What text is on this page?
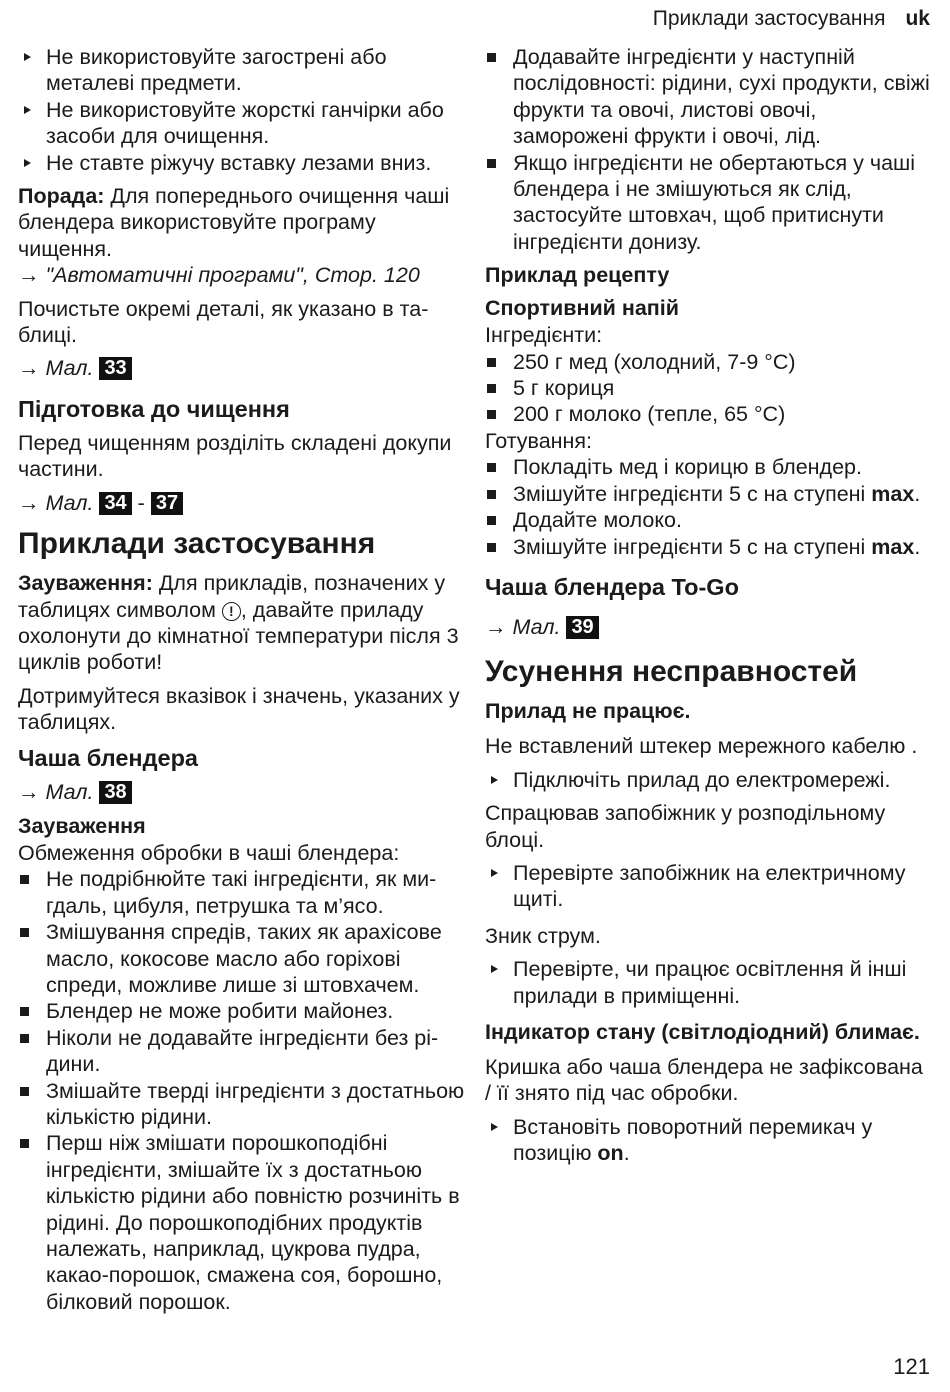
Приклади застосування uk
Не використовуйте загострені або металеві предмети.
Не використовуйте жорсткі ганчірки або засоби для очищення.
Не ставте ріжучу вставку лезами вниз.

Порада: Для попереднього очищення чаші блендера використовуйте програму чищення.

→ "Автоматичні програми", Стор. 120

Почистьте окремі деталі, як указано в таблиці.

→ Мал. 33

Підготовка до чищення

Перед чищенням розділіть складені докупи частини.

→ Мал. 34 - 37

Приклади застосування

Зауваження: Для прикладів, позначених у таблицях символом ! , давайте приладу охолонути до кімнатної температури після 3 циклів роботи!

Дотримуйтеся вказівок і значень, указаних у таблицях.

Чаша блендера

→ Мал. 38

Зауваження

Обмеження обробки в чаші блендера:

Не подрібнюйте такі інгредієнти, як мигдаль, цибуля, петрушка та м’ясо.
Змішування спредів, таких як арахісове масло, кокосове масло або горіхові спреди, можливе лише зі штовхачем.
Блендер не може робити майонез.
Ніколи не додавайте інгредієнти без рідини.
Змішайте тверді інгредієнти з достатньою кількістю рідини.
Перш ніж змішати порошкоподібні інгредієнти, змішайте їх з достатньою кількістю рідини або повністю розчиніть в рідині. До порошкоподібних продуктів належать, наприклад, цукрова пудра, какао-порошок, смажена соя, борошно, білковий порошок.
Додавайте інгредієнти у наступній послідовності: рідини, сухі продукти, свіжі фрукти та овочі, листові овочі, заморожені фрукти і овочі, лід.
Якщо інгредієнти не обертаються у чаші блендера і не змішуються як слід, застосуйте штовхач, щоб притиснути інгредієнти донизу.
Приклад рецепту
Спортивний напій

Інгредієнти:

250 г мед (холодний, 7-9 °C)
5 г кориця
200 г молоко (тепле, 65 °C)

Готування:

Покладіть мед і корицю в блендер.
Змішуйте інгредієнти 5 с на ступені max.
Додайте молоко.
Змішуйте інгредієнти 5 с на ступені max.
Чаша блендера To-Go

→ Мал. 39

Усунення несправностей
Прилад не працює.

Не вставлений штекер мережного кабелю .

Підключіть прилад до електромережі.

Спрацював запобіжник у розподільному блоці.

Перевірте запобіжник на електричному щиті.

Зник струм.

Перевірте, чи працює освітлення й інші прилади в приміщенні.
Індикатор стану (світлодіодний) блимає.

Кришка або чаша блендера не зафіксована / її знято під час обробки.

Встановіть поворотний перемикач у позицію on.
121
